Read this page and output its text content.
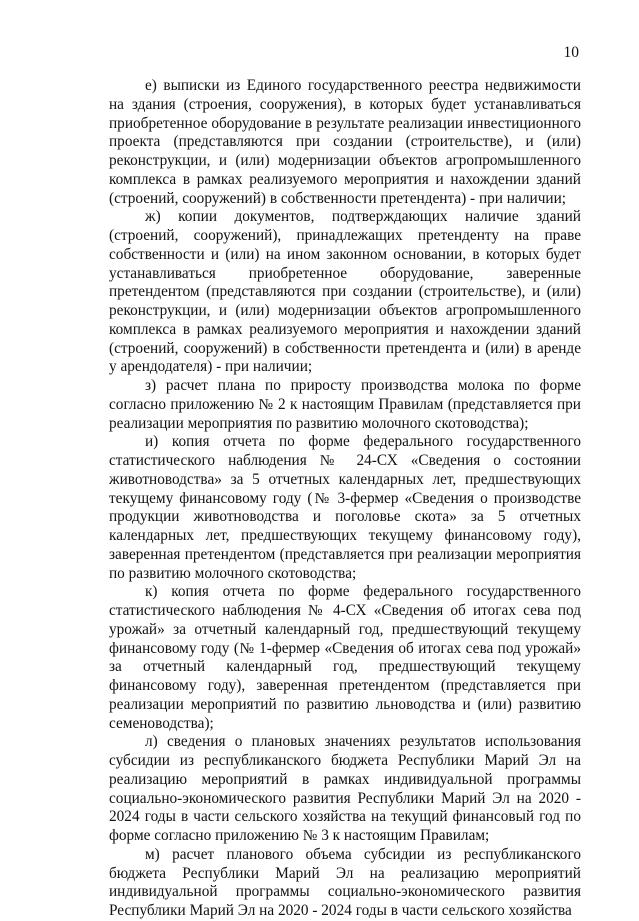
10

е) выписки из Единого государственного реестра недвижимости на здания (строения, сооружения), в которых будет устанавливаться приобретенное оборудование в результате реализации инвестиционного проекта (представляются при создании (строительстве), и (или) реконструкции, и (или) модернизации объектов агропромышленного комплекса в рамках реализуемого мероприятия и нахождении зданий (строений, сооружений) в собственности претендента) - при наличии;

ж) копии документов, подтверждающих наличие зданий (строений, сооружений), принадлежащих претенденту на праве собственности и (или) на ином законном основании, в которых будет устанавливаться приобретенное оборудование, заверенные претендентом (представляются при создании (строительстве), и (или) реконструкции, и (или) модернизации объектов агропромышленного комплекса в рамках реализуемого мероприятия и нахождении зданий (строений, сооружений) в собственности претендента и (или) в аренде у арендодателя) - при наличии;

з) расчет плана по приросту производства молока по форме согласно приложению № 2 к настоящим Правилам (представляется при реализации мероприятия по развитию молочного скотоводства);

и) копия отчета по форме федерального государственного статистического наблюдения № 24-СХ «Сведения о состоянии животноводства» за 5 отчетных календарных лет, предшествующих текущему финансовому году (№ 3-фермер «Сведения о производстве продукции животноводства и поголовье скота» за 5 отчетных календарных лет, предшествующих текущему финансовому году), заверенная претендентом (представляется при реализации мероприятия по развитию молочного скотоводства;

к) копия отчета по форме федерального государственного статистического наблюдения № 4-СХ «Сведения об итогах сева под урожай» за отчетный календарный год, предшествующий текущему финансовому году (№ 1-фермер «Сведения об итогах сева под урожай» за отчетный календарный год, предшествующий текущему финансовому году), заверенная претендентом (представляется при реализации мероприятий по развитию льноводства и (или) развитию семеноводства);

л) сведения о плановых значениях результатов использования субсидии из республиканского бюджета Республики Марий Эл на реализацию мероприятий в рамках индивидуальной программы социально-экономического развития Республики Марий Эл на 2020 - 2024 годы в части сельского хозяйства на текущий финансовый год по форме согласно приложению № 3 к настоящим Правилам;

м) расчет планового объема субсидии из республиканского бюджета Республики Марий Эл на реализацию мероприятий индивидуальной программы социально-экономического развития Республики Марий Эл на 2020 - 2024 годы в части сельского хозяйства
